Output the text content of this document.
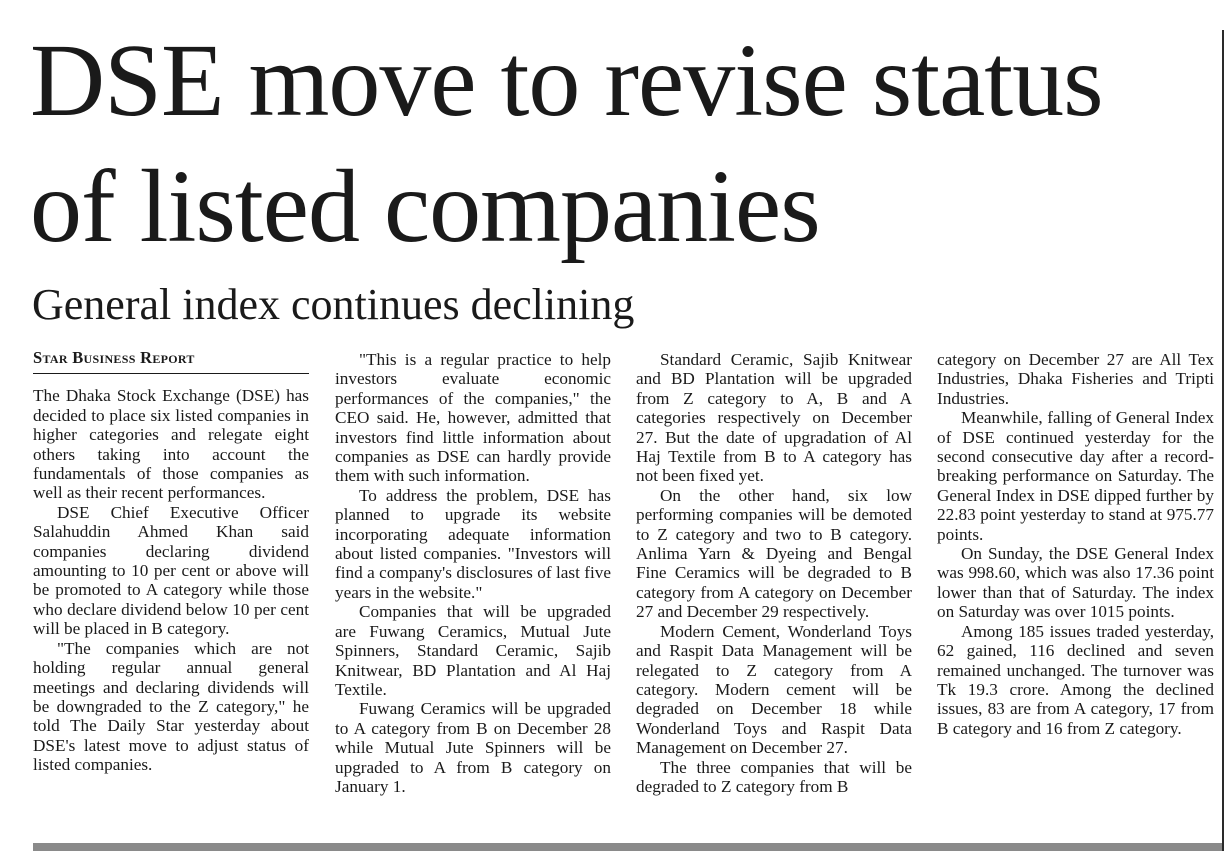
DSE move to revise status
of listed companies
General index continues declining
Star Business Report

The Dhaka Stock Exchange (DSE) has decided to place six listed companies in higher categories and relegate eight others taking into account the fundamentals of those companies as well as their recent performances.

DSE Chief Executive Officer Salahuddin Ahmed Khan said companies declaring dividend amounting to 10 per cent or above will be promoted to A category while those who declare dividend below 10 per cent will be placed in B category.

"The companies which are not holding regular annual general meetings and declaring dividends will be downgraded to the Z category," he told The Daily Star yesterday about DSE's latest move to adjust status of listed companies.

"This is a regular practice to help investors evaluate economic performances of the companies," the CEO said. He, however, admitted that investors find little information about companies as DSE can hardly provide them with such information.

To address the problem, DSE has planned to upgrade its website incorporating adequate information about listed companies. "Investors will find a company's disclosures of last five years in the website."

Companies that will be upgraded are Fuwang Ceramics, Mutual Jute Spinners, Standard Ceramic, Sajib Knitwear, BD Plantation and Al Haj Textile.

Fuwang Ceramics will be upgraded to A category from B on December 28 while Mutual Jute Spinners will be upgraded to A from B category on January 1.

Standard Ceramic, Sajib Knitwear and BD Plantation will be upgraded from Z category to A, B and A categories respectively on December 27. But the date of upgradation of Al Haj Textile from B to A category has not been fixed yet.

On the other hand, six low performing companies will be demoted to Z category and two to B category. Anlima Yarn & Dyeing and Bengal Fine Ceramics will be degraded to B category from A category on December 27 and December 29 respectively.

Modern Cement, Wonderland Toys and Raspit Data Management will be relegated to Z category from A category. Modern cement will be degraded on December 18 while Wonderland Toys and Raspit Data Management on December 27.

The three companies that will be degraded to Z category from B

category on December 27 are All Tex Industries, Dhaka Fisheries and Tripti Industries.

Meanwhile, falling of General Index of DSE continued yesterday for the second consecutive day after a record-breaking performance on Saturday. The General Index in DSE dipped further by 22.83 point yesterday to stand at 975.77 points.

On Sunday, the DSE General Index was 998.60, which was also 17.36 point lower than that of Saturday. The index on Saturday was over 1015 points.

Among 185 issues traded yesterday, 62 gained, 116 declined and seven remained unchanged. The turnover was Tk 19.3 crore. Among the declined issues, 83 are from A category, 17 from B category and 16 from Z category.
